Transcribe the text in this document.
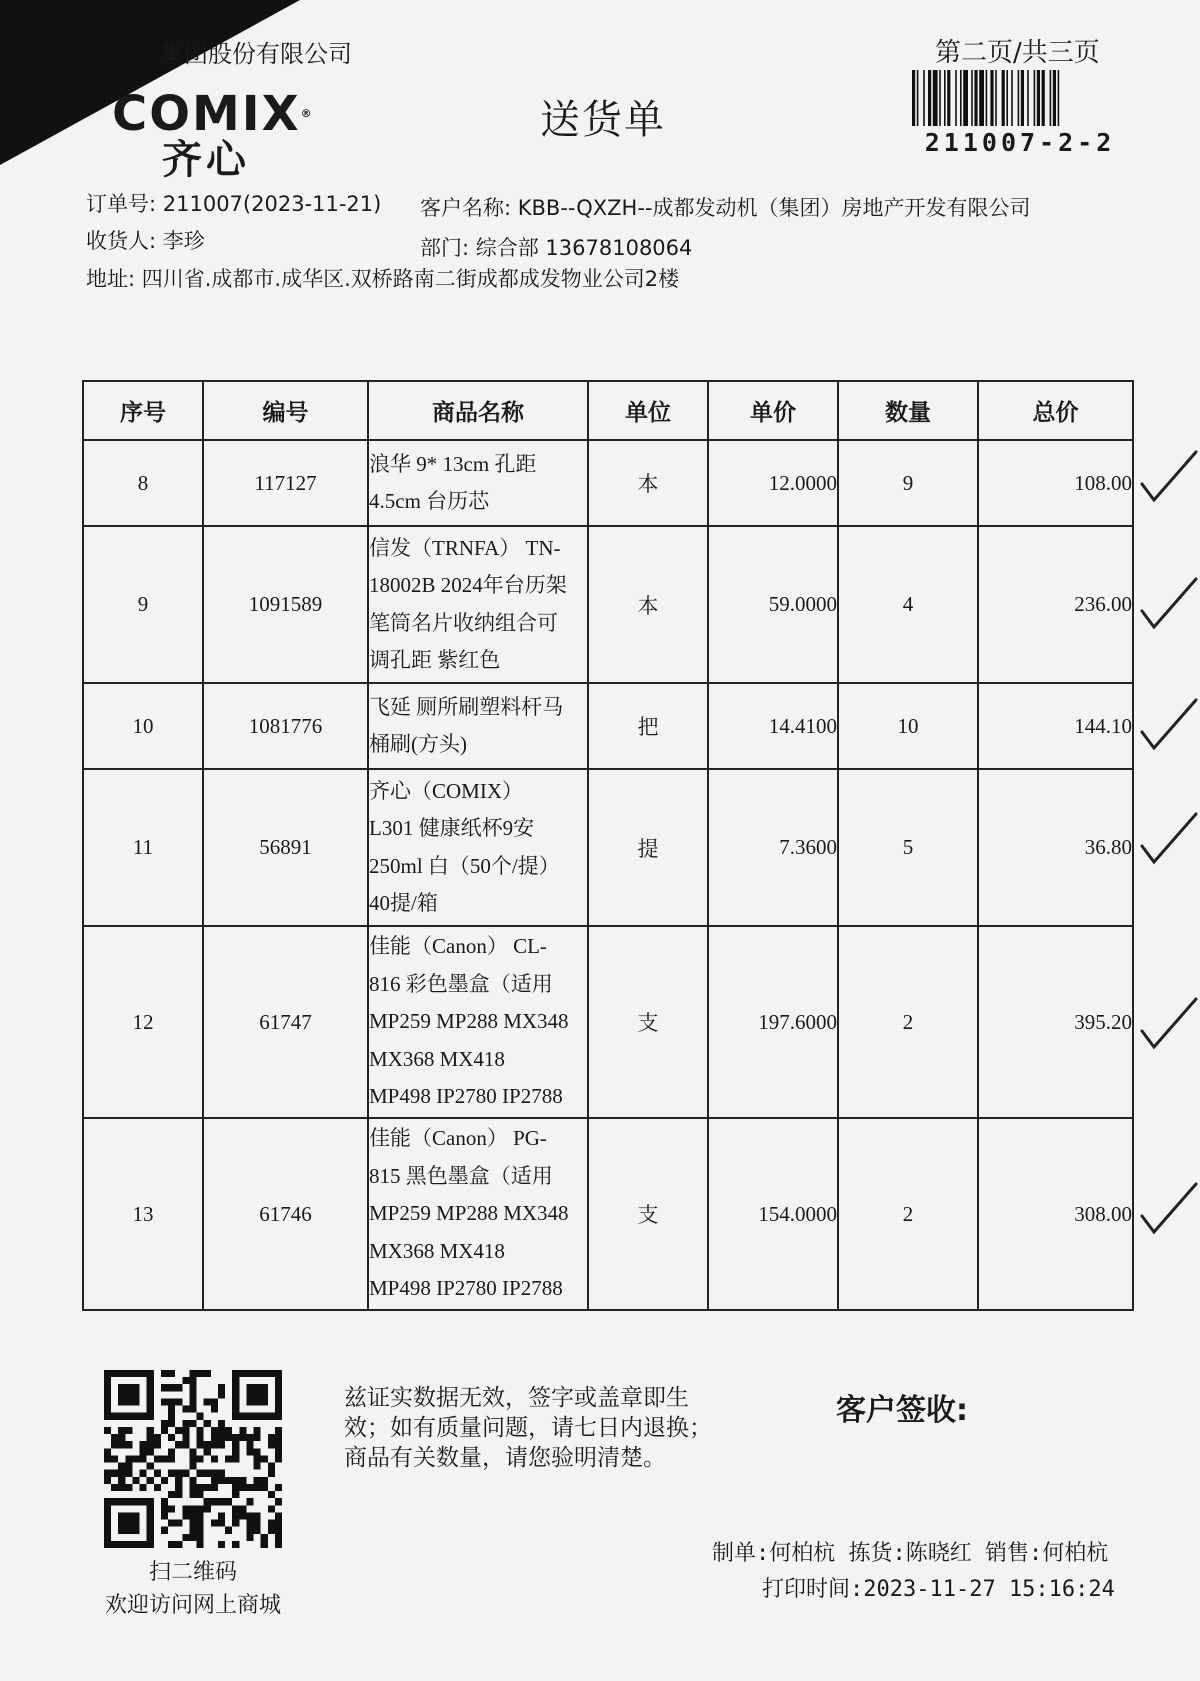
集团股份有限公司
COMIX®
齐心
送货单
第二页/共三页
211007-2-2
订单号: 211007(2023-11-21) 客户名称: KBB--QXZH--成都发动机（集团）房地产开发有限公司
收货人: 李珍	部门: 综合部 13678108064
地址: 四川省.成都市.成华区.双桥路南二街成都成发物业公司2楼
序号	编号	商品名称	单位	单价	数量	总价
8	117127	浪华 9* 13cm 孔距
4.5cm 台历芯	本	12.0000	9	108.00
9	1091589	信发（TRNFA） TN-
18002B 2024年台历架
笔筒名片收纳组合可
调孔距 紫红色	本	59.0000	4	236.00
10	1081776	飞延 厕所刷塑料杆马
桶刷(方头)	把	14.4100	10	144.10
11	56891	齐心（COMIX）
L301 健康纸杯9安
250ml 白（50个/提）
40提/箱	提	7.3600	5	36.80
12	61747	佳能（Canon） CL-
816 彩色墨盒（适用
MP259 MP288 MX348
MX368 MX418
MP498 IP2780 IP2788	支	197.6000	2	395.20
13	61746	佳能（Canon） PG-
815 黑色墨盒（适用
MP259 MP288 MX348
MX368 MX418
MP498 IP2780 IP2788	支	154.0000	2	308.00
扫二维码
欢迎访问网上商城
兹证实数据无效，签字或盖章即生
效；如有质量问题，请七日内退换；
商品有关数量，请您验明清楚。
客户签收:
制单:何柏杭 拣货:陈晓红 销售:何柏杭
打印时间:2023-11-27 15:16:24
